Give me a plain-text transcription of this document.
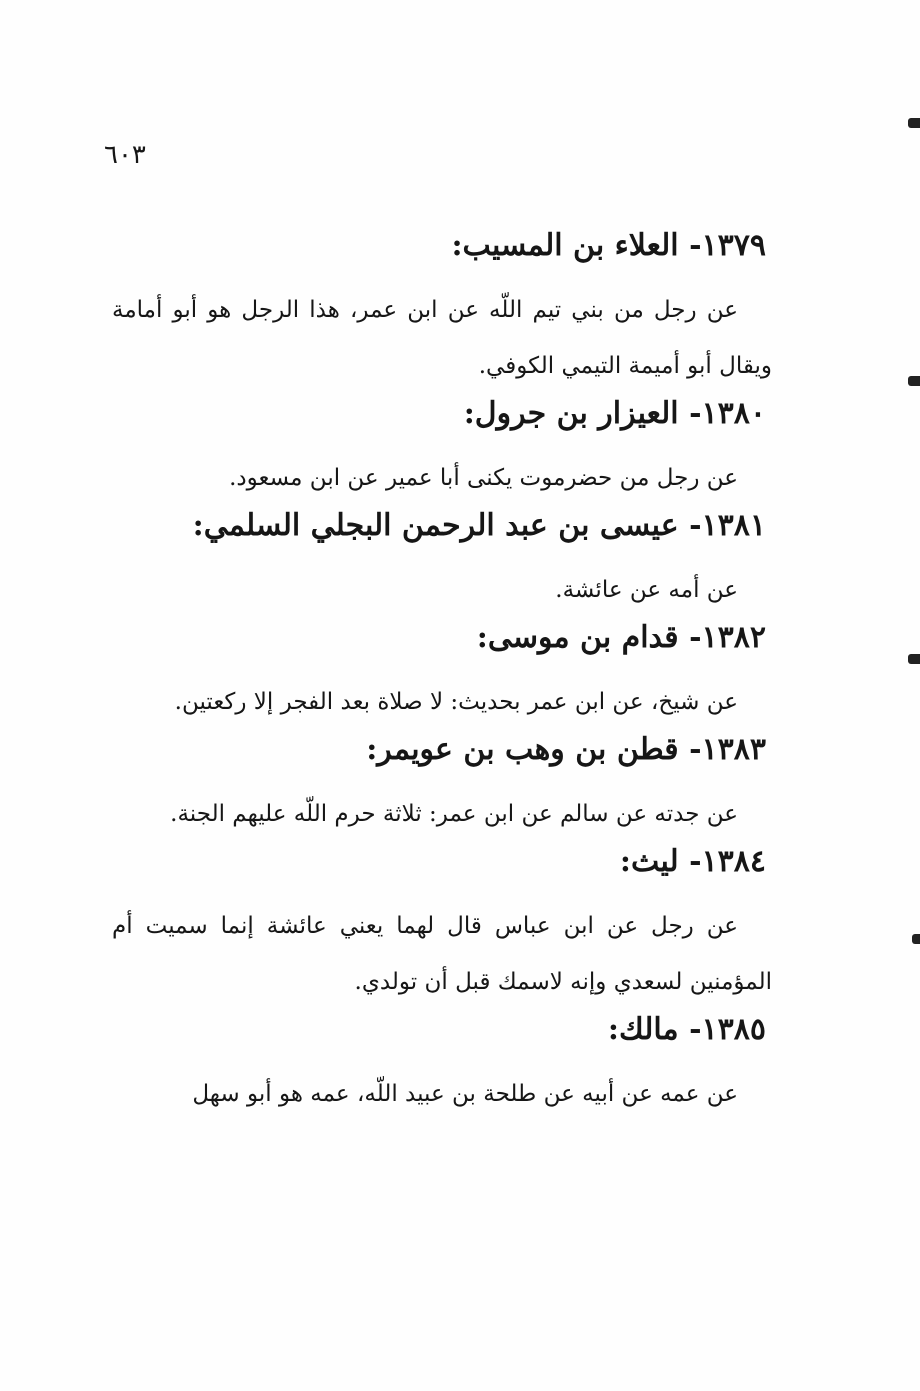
٦٠٣
١٣٧٩- العلاء بن المسيب:

عن رجل من بني تيم اللّه عن ابن عمر، هذا الرجل هو أبو أمامة ويقال أبو أميمة التيمي الكوفي.

١٣٨٠- العيزار بن جرول:

عن رجل من حضرموت يكنى أبا عمير عن ابن مسعود.

١٣٨١- عيسى بن عبد الرحمن البجلي السلمي:

عن أمه عن عائشة.

١٣٨٢- قدام بن موسى:

عن شيخ، عن ابن عمر بحديث: لا صلاة بعد الفجر إلا ركعتين.

١٣٨٣- قطن بن وهب بن عويمر:

عن جدته عن سالم عن ابن عمر: ثلاثة حرم اللّه عليهم الجنة.

١٣٨٤- ليث:

عن رجل عن ابن عباس قال لهما يعني عائشة إنما سميت أم المؤمنين لسعدي وإنه لاسمك قبل أن تولدي.

١٣٨٥- مالك:

عن عمه عن أبيه عن طلحة بن عبيد اللّه، عمه هو أبو سهل
